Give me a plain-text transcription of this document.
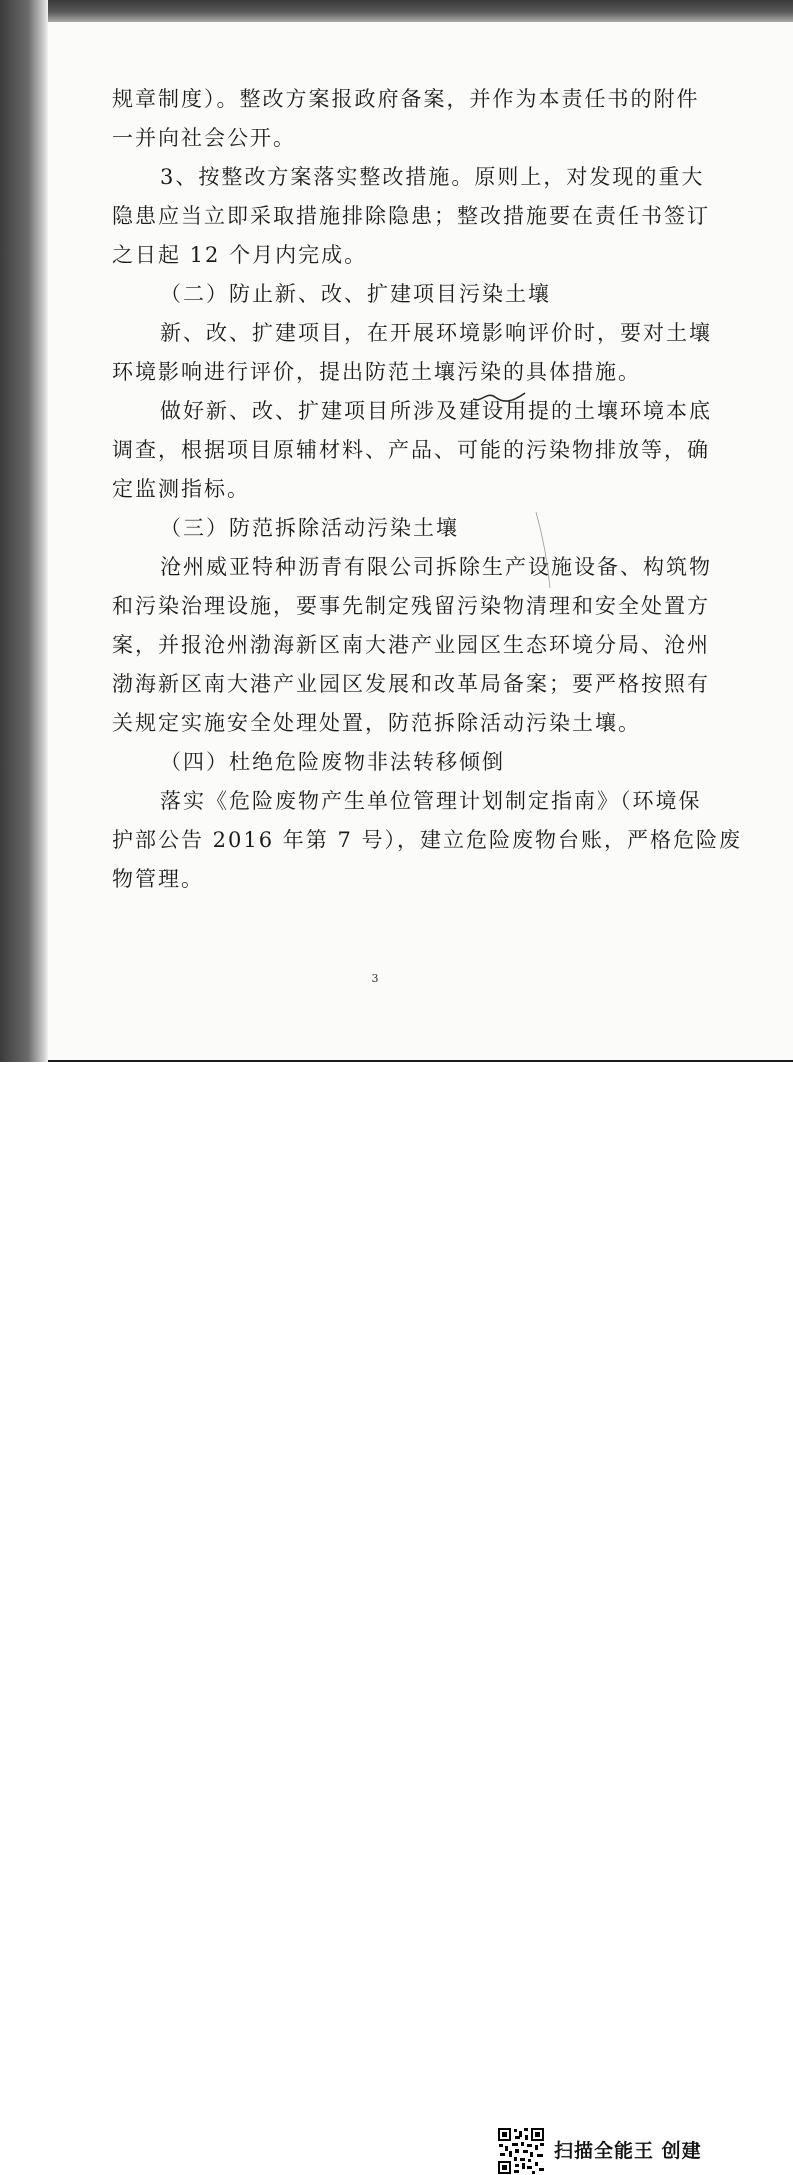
规章制度）。整改方案报政府备案，并作为本责任书的附件
一并向社会公开。
3、按整改方案落实整改措施。原则上，对发现的重大
隐患应当立即采取措施排除隐患；整改措施要在责任书签订
之日起 12 个月内完成。
（二）防止新、改、扩建项目污染土壤
新、改、扩建项目，在开展环境影响评价时，要对土壤
环境影响进行评价，提出防范土壤污染的具体措施。
做好新、改、扩建项目所涉及建设用提的土壤环境本底
调查，根据项目原辅材料、产品、可能的污染物排放等，确
定监测指标。
（三）防范拆除活动污染土壤
沧州威亚特种沥青有限公司拆除生产设施设备、构筑物
和污染治理设施，要事先制定残留污染物清理和安全处置方
案，并报沧州渤海新区南大港产业园区生态环境分局、沧州
渤海新区南大港产业园区发展和改革局备案；要严格按照有
关规定实施安全处理处置，防范拆除活动污染土壤。
（四）杜绝危险废物非法转移倾倒
落实《危险废物产生单位管理计划制定指南》（环境保
护部公告 2016 年第 7 号），建立危险废物台账，严格危险废
物管理。
3
扫描全能王 创建
